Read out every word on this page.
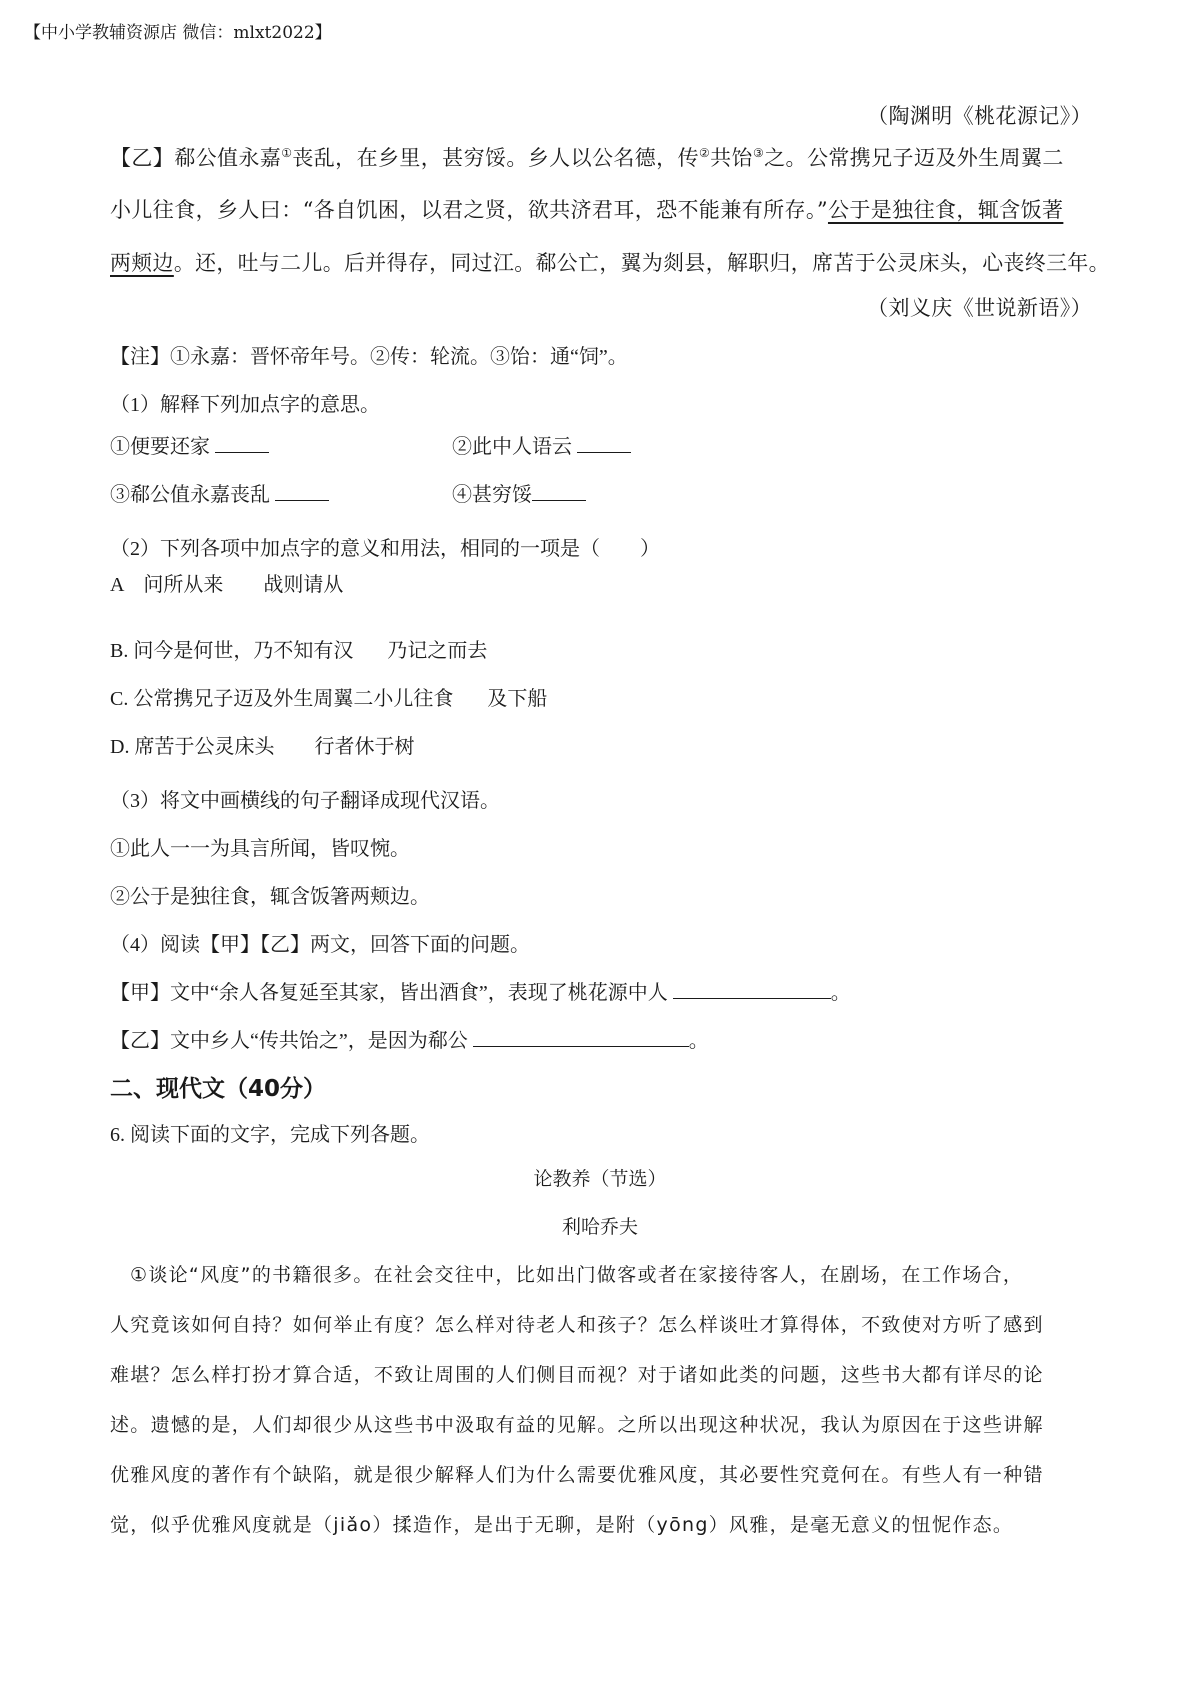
【中小学教辅资源店 微信：mlxt2022】
（陶渊明《桃花源记》）
【乙】郗公值永嘉①丧乱，在乡里，甚穷馁。乡人以公名德，传②共饴③之。公常携兄子迈及外生周翼二
小儿往食，乡人曰：“各自饥困，以君之贤，欲共济君耳，恐不能兼有所存。”公于是独往食，辄含饭著
两颊边。还，吐与二儿。后并得存，同过江。郗公亡，翼为剡县，解职归，席苫于公灵床头，心丧终三年。
（刘义庆《世说新语》）
【注】①永嘉：晋怀帝年号。②传：轮流。③饴：通“饲”。
（1）解释下列加点字的意思。
①便要还家	②此中人语云
③郗公值永嘉丧乱	④甚穷馁
（2）下列各项中加点字的意义和用法，相同的一项是（　　）
A　问所从来 战则请从
B. 问今是何世，乃不知有汉 乃记之而去
C. 公常携兄子迈及外生周翼二小儿往食 及下船
D. 席苦于公灵床头 行者休于树
（3）将文中画横线的句子翻译成现代汉语。
①此人一一为具言所闻，皆叹惋。
②公于是独往食，辄含饭箸两颊边。
（4）阅读【甲】【乙】两文，回答下面的问题。
【甲】文中“余人各复延至其家，皆出酒食”，表现了桃花源中人	。
【乙】文中乡人“传共饴之”，是因为郗公	。
二、现代文（40分）
6. 阅读下面的文字，完成下列各题。
论教养（节选）
利哈乔夫
①谈论“风度”的书籍很多。在社会交往中，比如出门做客或者在家接待客人，在剧场，在工作场合，
人究竟该如何自持？如何举止有度？怎么样对待老人和孩子？怎么样谈吐才算得体，不致使对方听了感到
难堪？怎么样打扮才算合适，不致让周围的人们侧目而视？对于诸如此类的问题，这些书大都有详尽的论
述。遗憾的是，人们却很少从这些书中汲取有益的见解。之所以出现这种状况，我认为原因在于这些讲解
优雅风度的著作有个缺陷，就是很少解释人们为什么需要优雅风度，其必要性究竟何在。有些人有一种错
觉，似乎优雅风度就是（jiǎo）揉造作，是出于无聊，是附（yōng）风雅，是毫无意义的忸怩作态。
